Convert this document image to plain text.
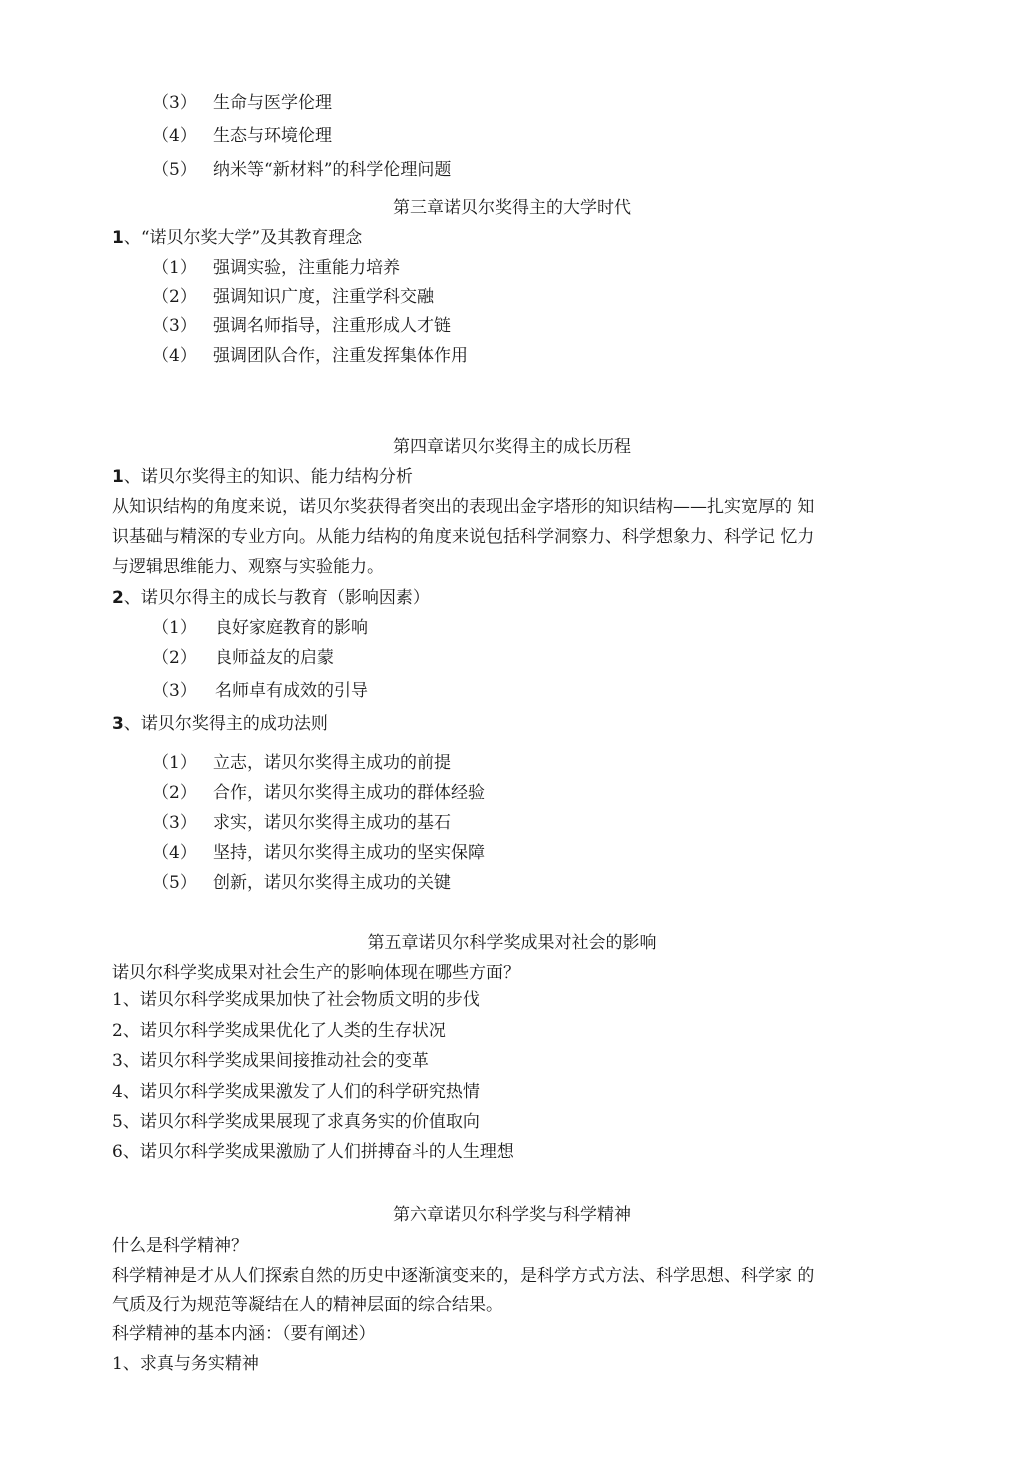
（3） 生命与医学伦理
（4） 生态与环境伦理
（5） 纳米等“新材料”的科学伦理问题
第三章诺贝尔奖得主的大学时代
1、“诺贝尔奖大学”及其教育理念
（1） 强调实验，注重能力培养
（2） 强调知识广度，注重学科交融
（3） 强调名师指导，注重形成人才链
（4） 强调团队合作，注重发挥集体作用
第四章诺贝尔奖得主的成长历程
1、诺贝尔奖得主的知识、能力结构分析
从知识结构的角度来说，诺贝尔奖获得者突出的表现出金字塔形的知识结构——扎实宽厚的 知
识基础与精深的专业方向。从能力结构的角度来说包括科学洞察力、科学想象力、科学记 忆力
与逻辑思维能力、观察与实验能力。
2、诺贝尔得主的成长与教育（影响因素）
（1） 良好家庭教育的影响
（2） 良师益友的启蒙
（3） 名师卓有成效的引导
3、诺贝尔奖得主的成功法则
（1） 立志，诺贝尔奖得主成功的前提
（2） 合作，诺贝尔奖得主成功的群体经验
（3） 求实，诺贝尔奖得主成功的基石
（4） 坚持，诺贝尔奖得主成功的坚实保障
（5） 创新，诺贝尔奖得主成功的关键
第五章诺贝尔科学奖成果对社会的影响
诺贝尔科学奖成果对社会生产的影响体现在哪些方面？
1、诺贝尔科学奖成果加快了社会物质文明的步伐
2、诺贝尔科学奖成果优化了人类的生存状况
3、诺贝尔科学奖成果间接推动社会的变革
4、诺贝尔科学奖成果激发了人们的科学研究热情
5、诺贝尔科学奖成果展现了求真务实的价值取向
6、诺贝尔科学奖成果激励了人们拼搏奋斗的人生理想
第六章诺贝尔科学奖与科学精神
什么是科学精神？
科学精神是才从人们探索自然的历史中逐渐演变来的，是科学方式方法、科学思想、科学家 的
气质及行为规范等凝结在人的精神层面的综合结果。
科学精神的基本内涵：（要有阐述）
1、求真与务实精神
